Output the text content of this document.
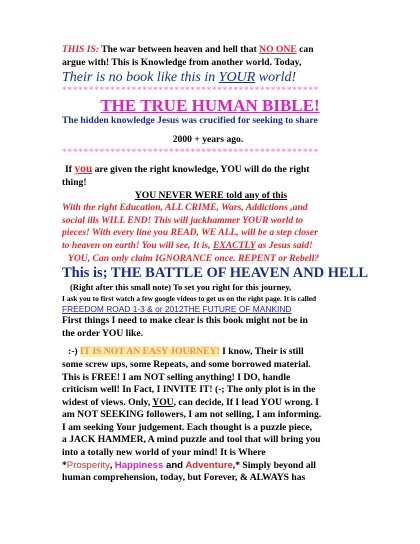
THIS IS: The war between heaven and hell that NO ONE can

argue with! This is Knowledge from another world. Today,

Their is no book like this in YOUR world!

************************************************

THE TRUE HUMAN BIBLE!

The hidden knowledge Jesus was crucified for seeking to share

2000 + years ago.

************************************************

If you are given the right knowledge, YOU will do the right

thing!

YOU NEVER WERE told any of this

With the right Education, ALL CRIME, Wars, Addictions ,and

social ills WILL END! This will jackhammer YOUR world to

pieces! With every line you READ, WE ALL, will be a step closer

to heaven on earth! You will see, It is, EXACTLY as Jesus said!

YOU, Can only claim IGNORANCE once. REPENT or Rebell?

This is; THE BATTLE OF HEAVEN AND HELL

(Right after this small note) To set you right for this journey,

I ask you to first watch a few google videos to get us on the right page. It is called

FREEDOM ROAD 1-3 & or 2012THE FUTURE OF MANKIND

First things I need to make clear is this book might not be in

the order YOU like.

:-) IT IS NOT AN EASY JOURNEY! I know, Their is still

some screw ups, some Repeats, and some borrowed material.

This is FREE! I am NOT selling anything! I DO, handle

criticism well! In Fact, I INVITE IT! (-; The only plot is in the

widest of views. Only, YOU, can decide, If I lead YOU wrong. I

am NOT SEEKING followers, I am not selling, I am informing.

I am seeking Your judgement. Each thought is a puzzle piece,

a JACK HAMMER, A mind puzzle and tool that will bring you

into a totally new world of your mind! It is Where

*Prosperity, Happiness and Adventure,* Simply beyond all

human comprehension, today, but Forever, & ALWAYS has
